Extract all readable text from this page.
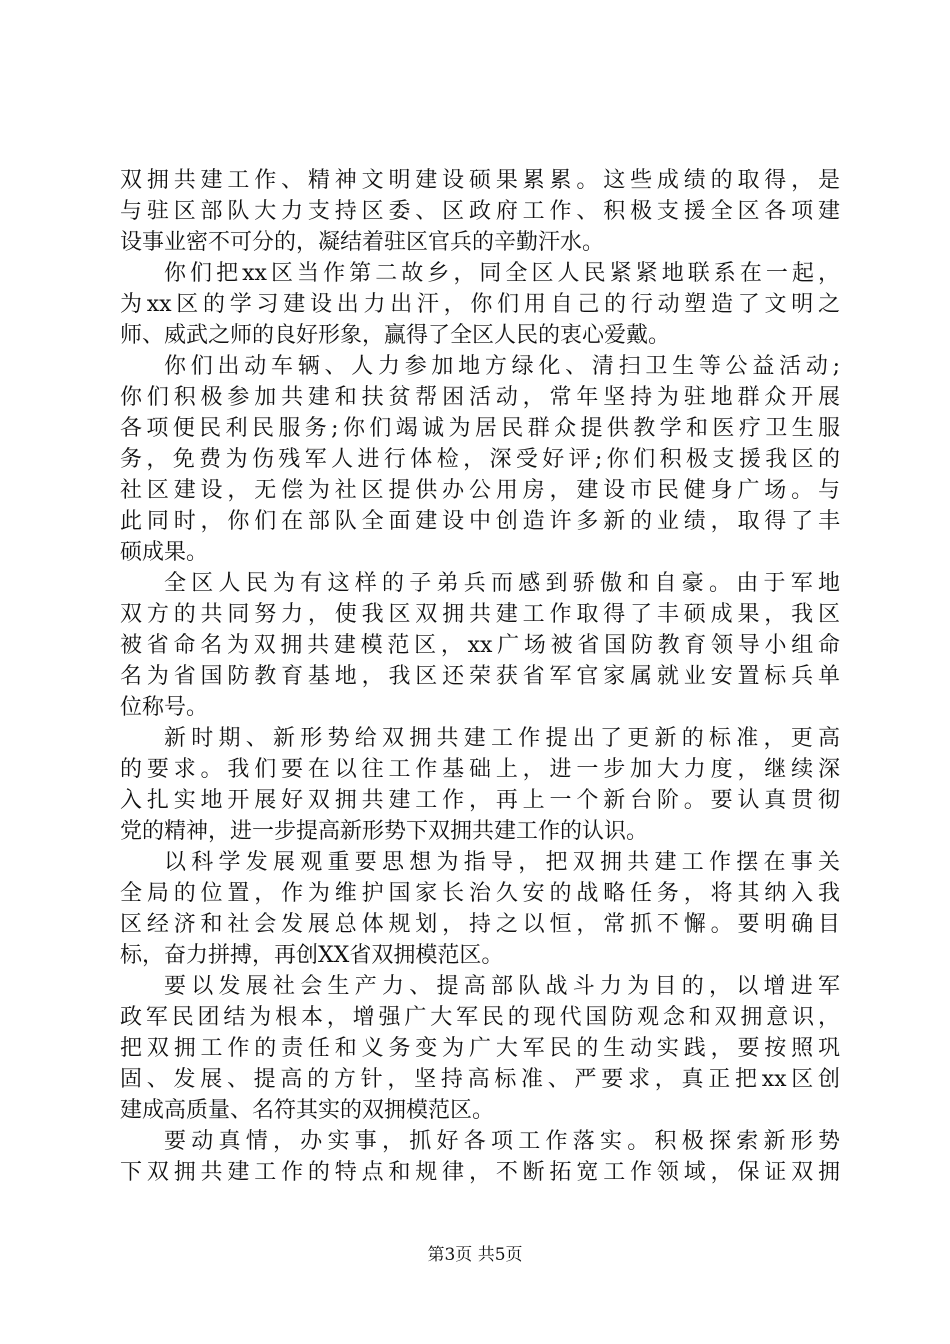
双拥共建工作、精神文明建设硕果累累。这些成绩的取得，是
与驻区部队大力支持区委、区政府工作、积极支援全区各项建
设事业密不可分的，凝结着驻区官兵的辛勤汗水。
你们把xx区当作第二故乡，同全区人民紧紧地联系在一起，
为xx区的学习建设出力出汗，你们用自己的行动塑造了文明之
师、威武之师的良好形象，赢得了全区人民的衷心爱戴。
你们出动车辆、人力参加地方绿化、清扫卫生等公益活动;
你们积极参加共建和扶贫帮困活动，常年坚持为驻地群众开展
各项便民利民服务;你们竭诚为居民群众提供教学和医疗卫生服
务，免费为伤残军人进行体检，深受好评;你们积极支援我区的
社区建设，无偿为社区提供办公用房，建设市民健身广场。与
此同时，你们在部队全面建设中创造许多新的业绩，取得了丰
硕成果。
全区人民为有这样的子弟兵而感到骄傲和自豪。由于军地
双方的共同努力，使我区双拥共建工作取得了丰硕成果，我区
被省命名为双拥共建模范区，xx广场被省国防教育领导小组命
名为省国防教育基地，我区还荣获省军官家属就业安置标兵单
位称号。
新时期、新形势给双拥共建工作提出了更新的标准，更高
的要求。我们要在以往工作基础上，进一步加大力度，继续深
入扎实地开展好双拥共建工作，再上一个新台阶。要认真贯彻
党的精神，进一步提高新形势下双拥共建工作的认识。
以科学发展观重要思想为指导，把双拥共建工作摆在事关
全局的位置，作为维护国家长治久安的战略任务，将其纳入我
区经济和社会发展总体规划，持之以恒，常抓不懈。要明确目
标，奋力拼搏，再创XX省双拥模范区。
要以发展社会生产力、提高部队战斗力为目的，以增进军
政军民团结为根本，增强广大军民的现代国防观念和双拥意识，
把双拥工作的责任和义务变为广大军民的生动实践，要按照巩
固、发展、提高的方针，坚持高标准、严要求，真正把xx区创
建成高质量、名符其实的双拥模范区。
要动真情，办实事，抓好各项工作落实。积极探索新形势
下双拥共建工作的特点和规律，不断拓宽工作领域，保证双拥
第3页 共5页
